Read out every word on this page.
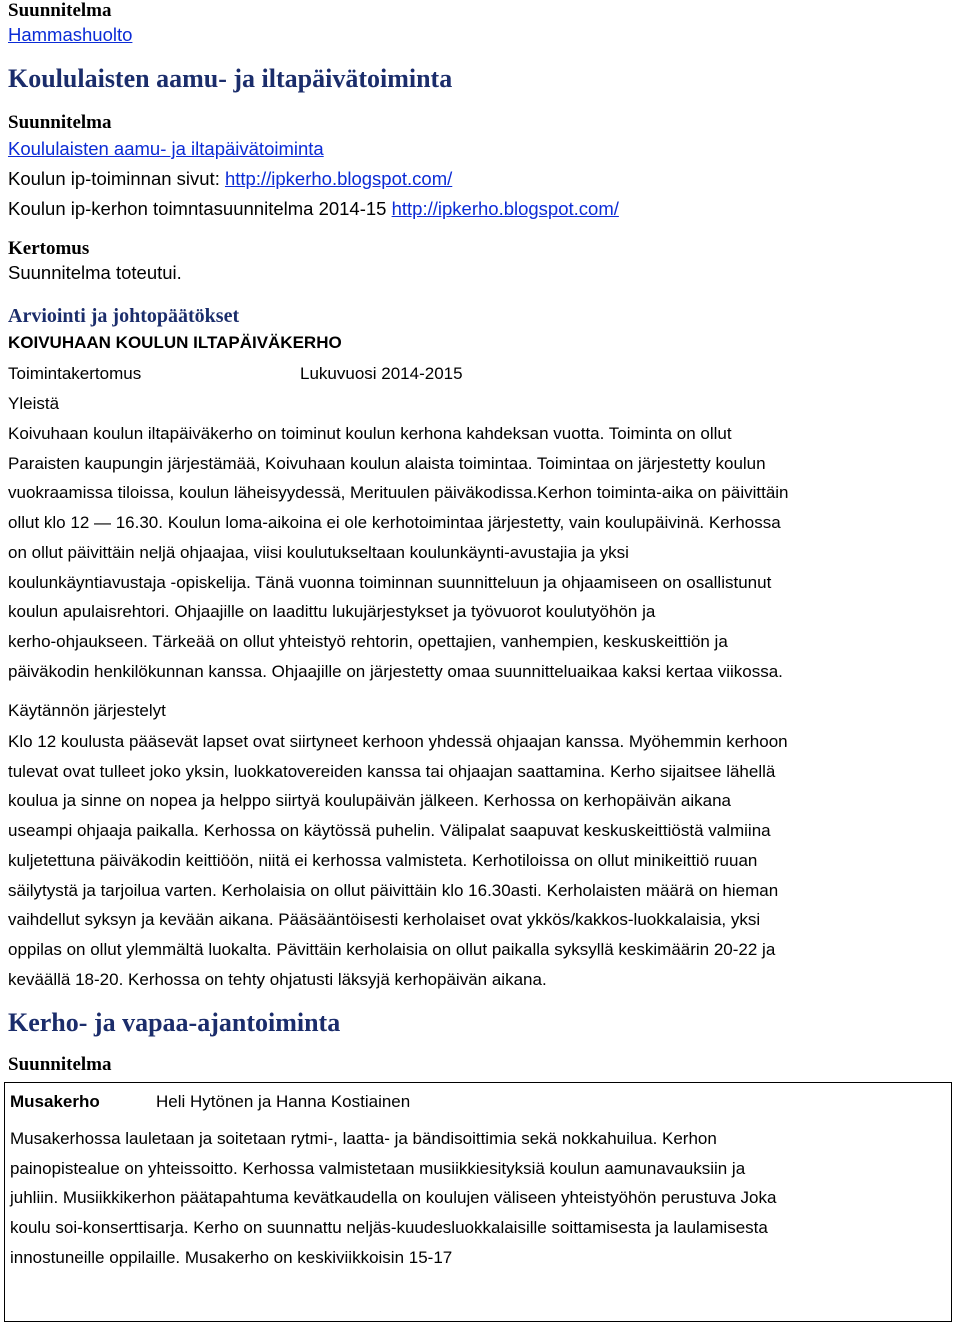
Suunnitelma
Hammashuolto
Koululaisten aamu- ja iltapäivätoiminta
Suunnitelma
Koululaisten aamu- ja iltapäivätoiminta
Koulun ip-toiminnan sivut: http://ipkerho.blogspot.com/
Koulun ip-kerhon toimntasuunnitelma 2014-15 http://ipkerho.blogspot.com/
Kertomus
Suunnitelma toteutui.
Arviointi ja johtopäätökset
KOIVUHAAN KOULUN ILTAPÄIVÄKERHO
Toimintakertomus	Lukuvuosi 2014-2015
Yleistä
Koivuhaan koulun iltapäiväkerho on toiminut koulun kerhona kahdeksan vuotta. Toiminta on ollut
Paraisten kaupungin järjestämää, Koivuhaan koulun alaista toimintaa. Toimintaa on järjestetty koulun
vuokraamissa tiloissa, koulun läheisyydessä, Merituulen päiväkodissa.Kerhon toiminta-aika on päivittäin
ollut klo 12 — 16.30. Koulun loma-aikoina ei ole kerhotoimintaa järjestetty, vain koulupäivinä. Kerhossa
on ollut päivittäin neljä ohjaajaa, viisi koulutukseltaan koulunkäynti-avustajia ja yksi
koulunkäyntiavustaja -opiskelija. Tänä vuonna toiminnan suunnitteluun ja ohjaamiseen on osallistunut
koulun apulaisrehtori. Ohjaajille on laadittu lukujärjestykset ja työvuorot koulutyöhön ja
kerho-ohjaukseen. Tärkeää on ollut yhteistyö rehtorin, opettajien, vanhempien, keskuskeittiön ja
päiväkodin henkilökunnan kanssa. Ohjaajille on järjestetty omaa suunnitteluaikaa kaksi kertaa viikossa.
Käytännön järjestelyt
Klo 12 koulusta pääsevät lapset ovat siirtyneet kerhoon yhdessä ohjaajan kanssa. Myöhemmin kerhoon
tulevat ovat tulleet joko yksin, luokkatovereiden kanssa tai ohjaajan saattamina. Kerho sijaitsee lähellä
koulua ja sinne on nopea ja helppo siirtyä koulupäivän jälkeen. Kerhossa on kerhopäivän aikana
useampi ohjaaja paikalla. Kerhossa on käytössä puhelin. Välipalat saapuvat keskuskeittiöstä valmiina
kuljetettuna päiväkodin keittiöön, niitä ei kerhossa valmisteta. Kerhotiloissa on ollut minikeittiö ruuan
säilytystä ja tarjoilua varten. Kerholaisia on ollut päivittäin klo 16.30asti. Kerholaisten määrä on hieman
vaihdellut syksyn ja kevään aikana. Pääsääntöisesti kerholaiset ovat ykkös/kakkos-luokkalaisia, yksi
oppilas on ollut ylemmältä luokalta. Pävittäin kerholaisia on ollut paikalla syksyllä keskimäärin 20-22 ja
keväällä 18-20. Kerhossa on tehty ohjatusti läksyjä kerhopäivän aikana.
Kerho- ja vapaa-ajantoiminta
Suunnitelma
Musakerho	Heli Hytönen ja Hanna Kostiainen
Musakerhossa lauletaan ja soitetaan rytmi-, laatta- ja bändisoittimia sekä nokkahuilua. Kerhon
painopistealue on yhteissoitto. Kerhossa valmistetaan musiikkiesityksiä koulun aamunavauksiin ja
juhliin. Musiikkikerhon päätapahtuma kevätkaudella on koulujen väliseen yhteistyöhön perustuva Joka
koulu soi-konserttisarja. Kerho on suunnattu neljäs-kuudesluokkalaisille soittamisesta ja laulamisesta
innostuneille oppilaille. Musakerho on keskiviikkoisin 15-17
